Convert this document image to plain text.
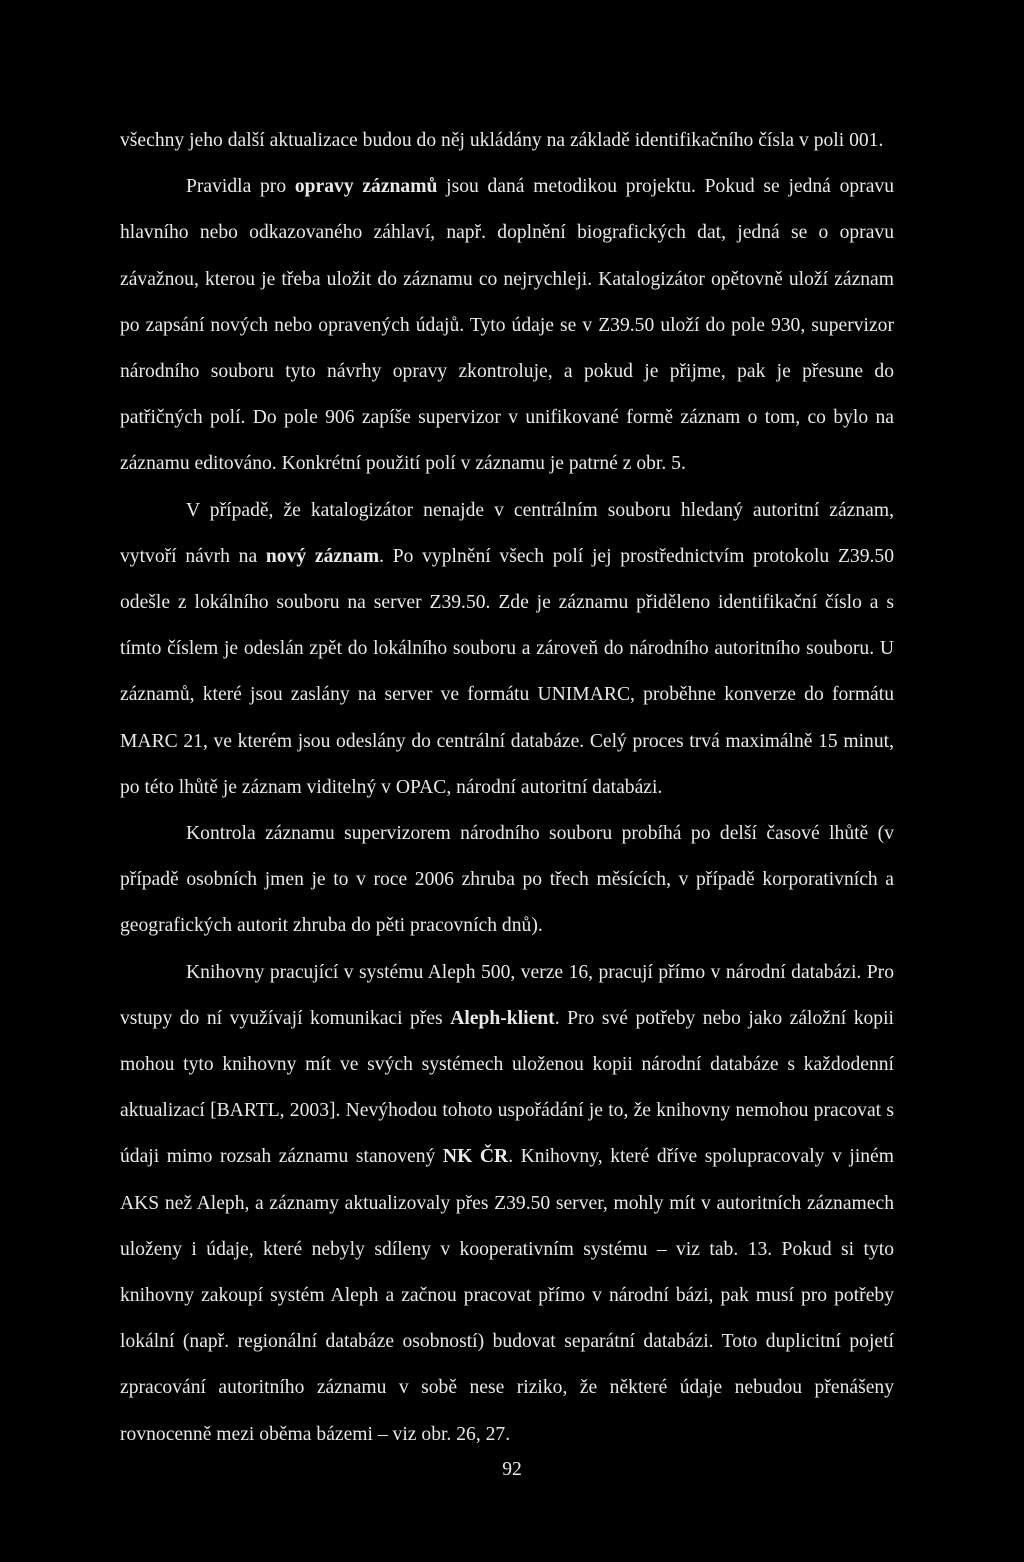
všechny jeho další aktualizace budou do něj ukládány na základě identifikačního čísla v poli 001.

Pravidla pro opravy záznamů jsou daná metodikou projektu. Pokud se jedná opravu hlavního nebo odkazovaného záhlaví, např. doplnění biografických dat, jedná se o opravu závažnou, kterou je třeba uložit do záznamu co nejrychleji. Katalogizátor opětovně uloží záznam po zapsání nových nebo opravených údajů. Tyto údaje se v Z39.50 uloží do pole 930, supervizor národního souboru tyto návrhy opravy zkontroluje, a pokud je přijme, pak je přesune do patřičných polí. Do pole 906 zapíše supervizor v unifikované formě záznam o tom, co bylo na záznamu editováno. Konkrétní použití polí v záznamu je patrné z obr. 5.

V případě, že katalogizátor nenajde v centrálním souboru hledaný autoritní záznam, vytvoří návrh na nový záznam. Po vyplnění všech polí jej prostřednictvím protokolu Z39.50 odešle z lokálního souboru na server Z39.50. Zde je záznamu přiděleno identifikační číslo a s tímto číslem je odeslán zpět do lokálního souboru a zároveň do národního autoritního souboru. U záznamů, které jsou zaslány na server ve formátu UNIMARC, proběhne konverze do formátu MARC 21, ve kterém jsou odeslány do centrální databáze. Celý proces trvá maximálně 15 minut, po této lhůtě je záznam viditelný v OPAC, národní autoritní databázi.

Kontrola záznamu supervizorem národního souboru probíhá po delší časové lhůtě (v případě osobních jmen je to v roce 2006 zhruba po třech měsících, v případě korporativních a geografických autorit zhruba do pěti pracovních dnů).

Knihovny pracující v systému Aleph 500, verze 16, pracují přímo v národní databázi. Pro vstupy do ní využívají komunikaci přes Aleph-klient. Pro své potřeby nebo jako záložní kopii mohou tyto knihovny mít ve svých systémech uloženou kopii národní databáze s každodenní aktualizací [BARTL, 2003]. Nevýhodou tohoto uspořádání je to, že knihovny nemohou pracovat s údaji mimo rozsah záznamu stanovený NK ČR. Knihovny, které dříve spolupracovaly v jiném AKS než Aleph, a záznamy aktualizovaly přes Z39.50 server, mohly mít v autoritních záznamech uloženy i údaje, které nebyly sdíleny v kooperativním systému – viz tab. 13. Pokud si tyto knihovny zakoupí systém Aleph a začnou pracovat přímo v národní bázi, pak musí pro potřeby lokální (např. regionální databáze osobností) budovat separátní databázi. Toto duplicitní pojetí zpracování autoritního záznamu v sobě nese riziko, že některé údaje nebudou přenášeny rovnocenně mezi oběma bázemi – viz obr. 26, 27.

92
